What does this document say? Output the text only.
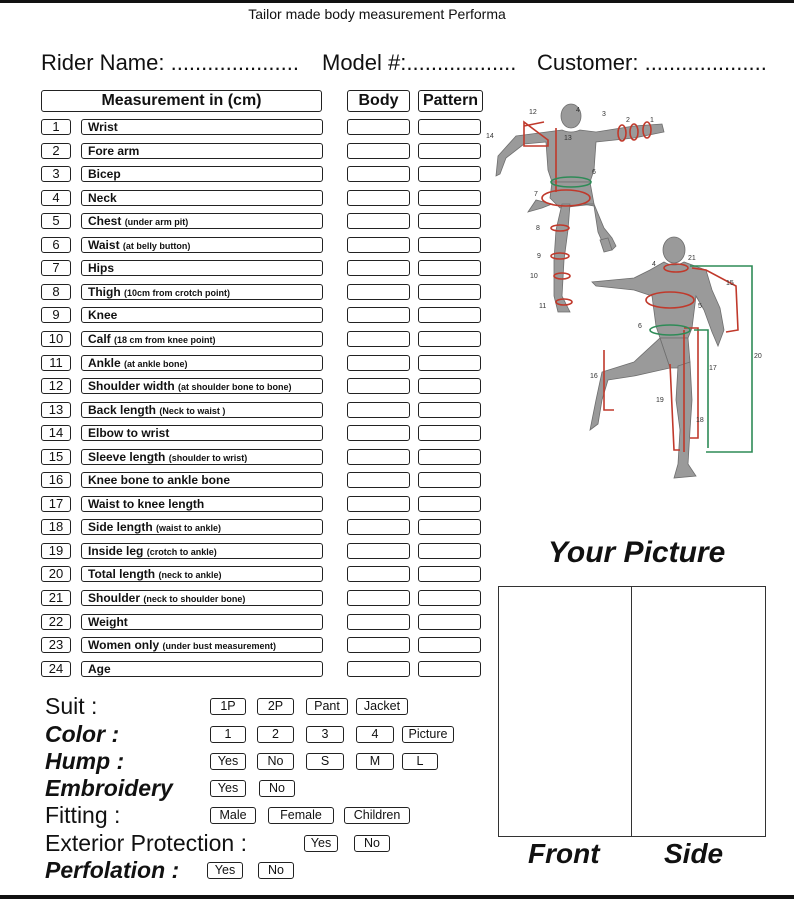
Tailor made body measurement Performa
Rider Name: ..................... Model #:.................. Customer: ....................
Measurement in (cm)	Body	Pattern
1	Wrist
2	Fore arm
3	Bicep
4	Neck
5	Chest (under arm pit)
6	Waist (at belly button)
7	Hips
8	Thigh (10cm from crotch point)
9	Knee
10	Calf (18 cm from knee point)
11	Ankle (at ankle bone)
12	Shoulder width (at shoulder bone to bone)
13	Back length (Neck to waist )
14	Elbow to wrist
15	Sleeve length (shoulder to wrist)
16	Knee bone to ankle bone
17	Waist to knee length
18	Side length (waist to ankle)
19	Inside leg (crotch to ankle)
20	Total length (neck to ankle)
21	Shoulder (neck to shoulder bone)
22	Weight
23	Women only (under bust measurement)
24	Age
Suit :	1P	2P	Pant	Jacket
Color :	1	2	3	4	Picture
Hump :	Yes	No	S	M	L
Embroidery	Yes	No
Fitting :	Male	Female	Children
Exterior Protection :	Yes	No
Perfolation :	Yes	No
12	4
3
2	1
14	13
6
7
8
9
10
11
4
21
15
5
6
16
17
20
19
18
Your Picture
Front Side
